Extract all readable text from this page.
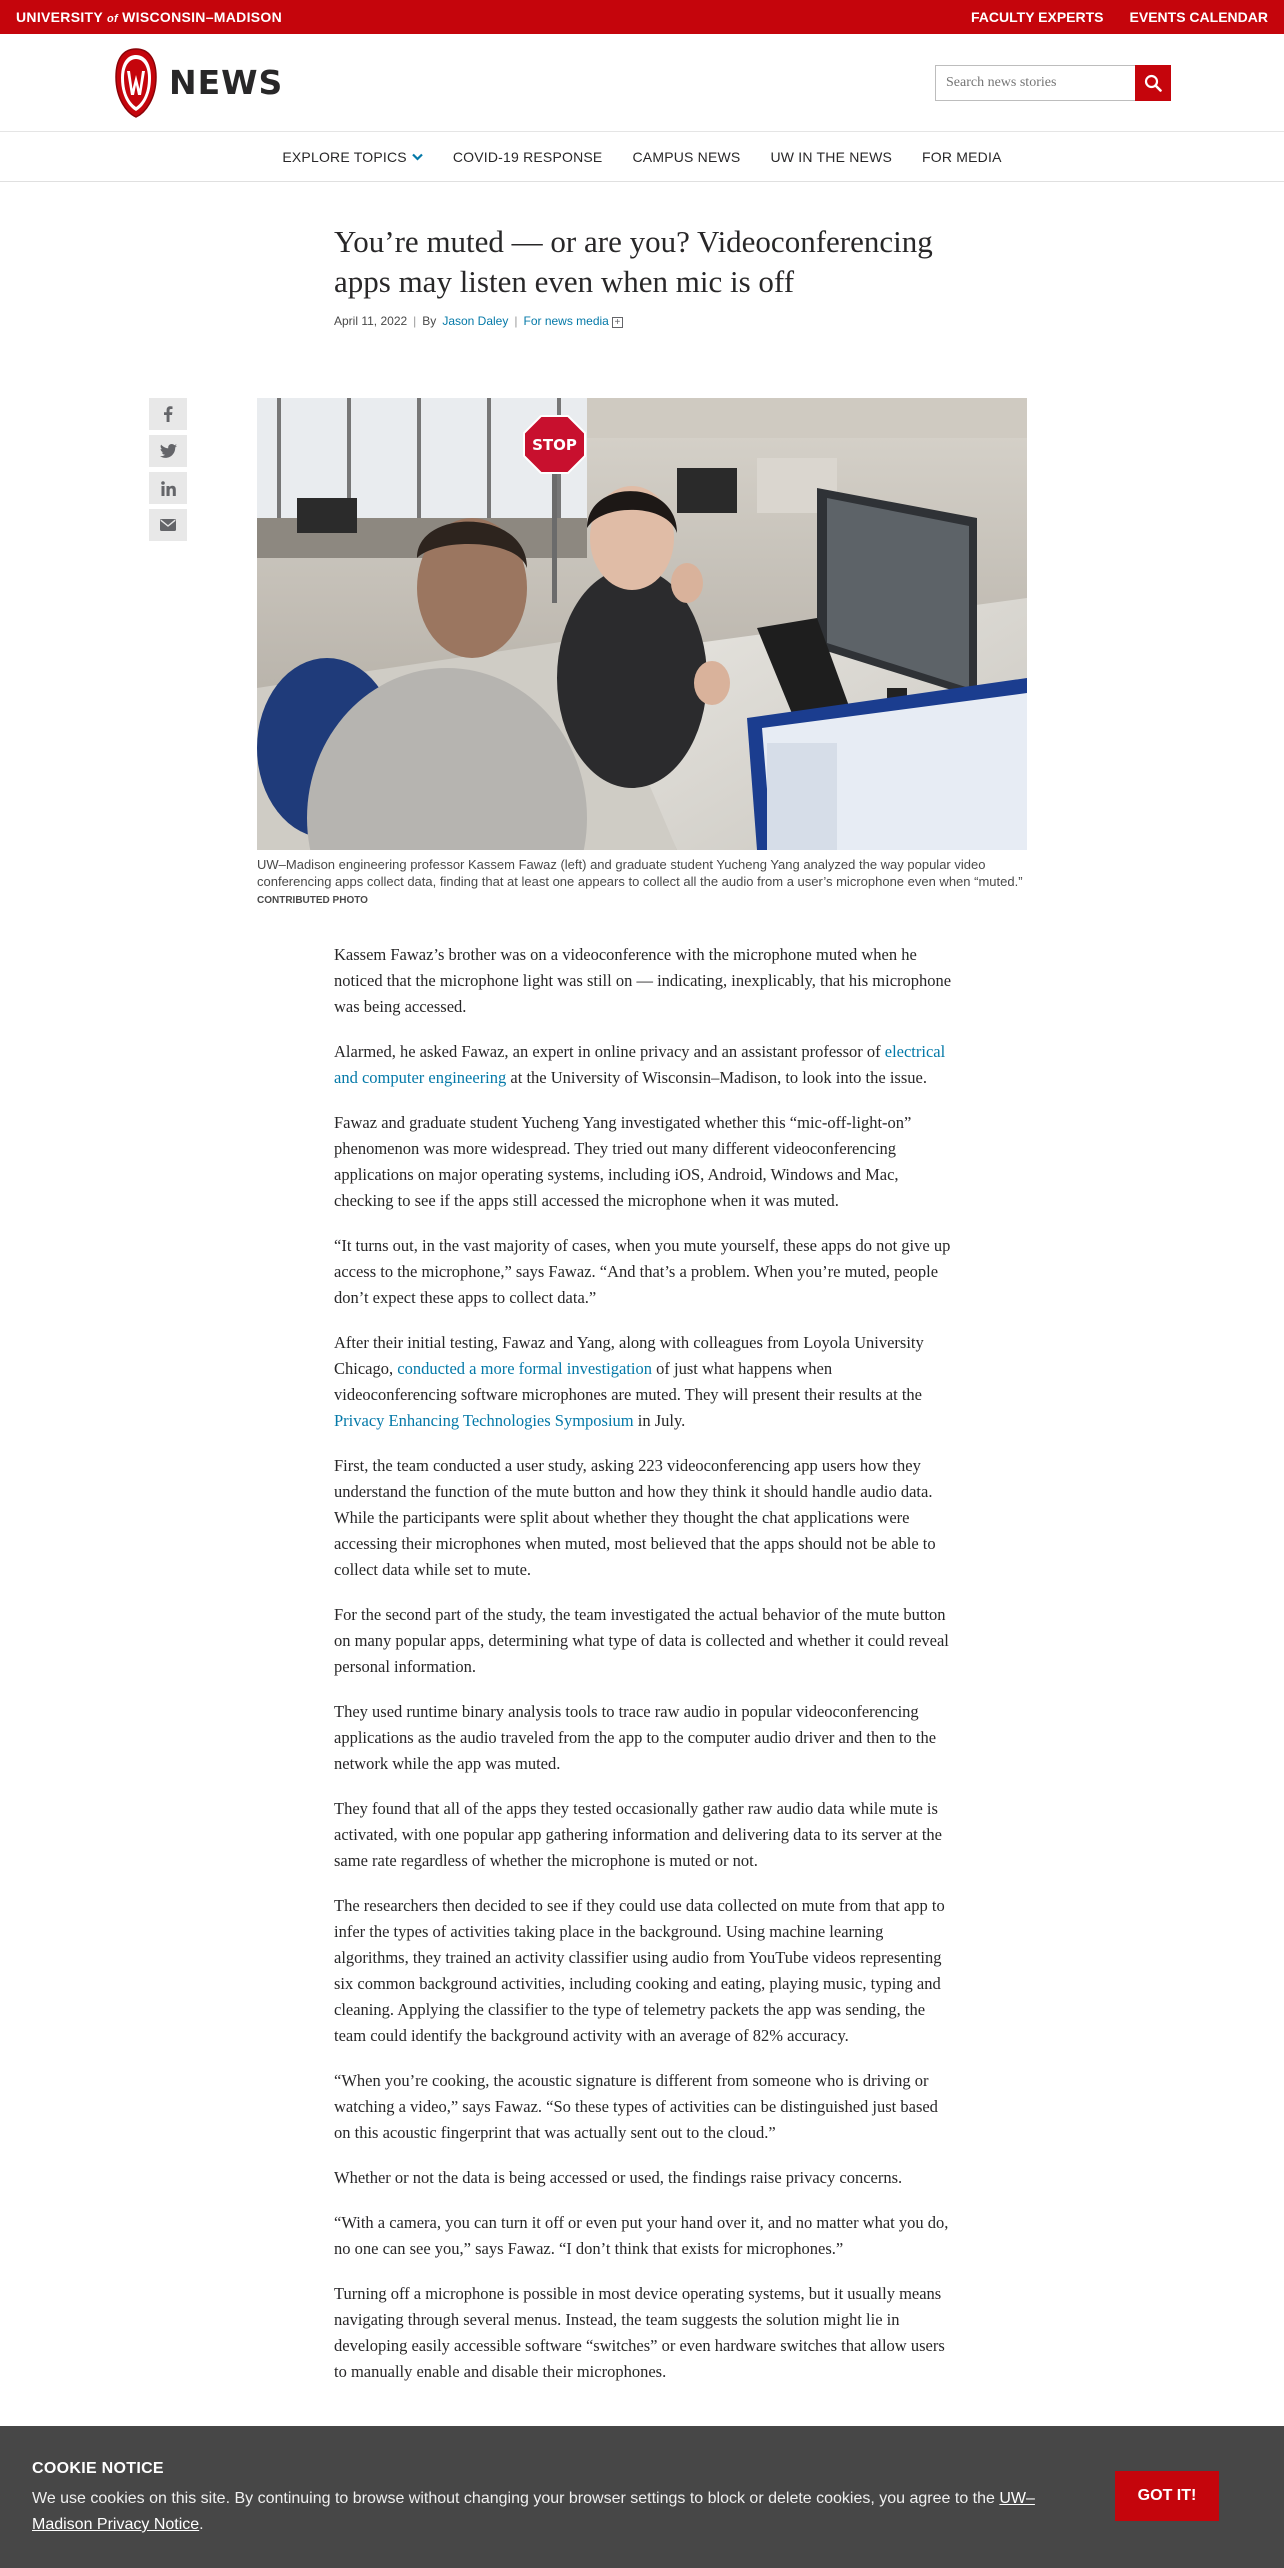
UNIVERSITY of WISCONSIN–MADISON	FACULTY EXPERTS EVENTS CALENDAR
NEWS
Search news stories
EXPLORE TOPICS	COVID-19 RESPONSE	CAMPUS NEWS	UW IN THE NEWS	FOR MEDIA
You’re muted — or are you? Videoconferencing apps may listen even when mic is off
April 11, 2022 | By Jason Daley | For news media +
STOP
UW–Madison engineering professor Kassem Fawaz (left) and graduate student Yucheng Yang analyzed the way popular video conferencing apps collect data, finding that at least one appears to collect all the audio from a user’s microphone even when “muted.” CONTRIBUTED PHOTO

Kassem Fawaz’s brother was on a videoconference with the microphone muted when he noticed that the microphone light was still on — indicating, inexplicably, that his microphone was being accessed.

Alarmed, he asked Fawaz, an expert in online privacy and an assistant professor of electrical and computer engineering at the University of Wisconsin–Madison, to look into the issue.

Fawaz and graduate student Yucheng Yang investigated whether this “mic-off-light-on” phenomenon was more widespread. They tried out many different videoconferencing applications on major operating systems, including iOS, Android, Windows and Mac, checking to see if the apps still accessed the microphone when it was muted.

“It turns out, in the vast majority of cases, when you mute yourself, these apps do not give up access to the microphone,” says Fawaz. “And that’s a problem. When you’re muted, people don’t expect these apps to collect data.”

After their initial testing, Fawaz and Yang, along with colleagues from Loyola University Chicago, conducted a more formal investigation of just what happens when videoconferencing software microphones are muted. They will present their results at the Privacy Enhancing Technologies Symposium in July.

First, the team conducted a user study, asking 223 videoconferencing app users how they understand the function of the mute button and how they think it should handle audio data. While the participants were split about whether they thought the chat applications were accessing their microphones when muted, most believed that the apps should not be able to collect data while set to mute.

For the second part of the study, the team investigated the actual behavior of the mute button on many popular apps, determining what type of data is collected and whether it could reveal personal information.

They used runtime binary analysis tools to trace raw audio in popular videoconferencing applications as the audio traveled from the app to the computer audio driver and then to the network while the app was muted.

They found that all of the apps they tested occasionally gather raw audio data while mute is activated, with one popular app gathering information and delivering data to its server at the same rate regardless of whether the microphone is muted or not.

The researchers then decided to see if they could use data collected on mute from that app to infer the types of activities taking place in the background. Using machine learning algorithms, they trained an activity classifier using audio from YouTube videos representing six common background activities, including cooking and eating, playing music, typing and cleaning. Applying the classifier to the type of telemetry packets the app was sending, the team could identify the background activity with an average of 82% accuracy.

“When you’re cooking, the acoustic signature is different from someone who is driving or watching a video,” says Fawaz. “So these types of activities can be distinguished just based on this acoustic fingerprint that was actually sent out to the cloud.”

Whether or not the data is being accessed or used, the findings raise privacy concerns.

“With a camera, you can turn it off or even put your hand over it, and no matter what you do, no one can see you,” says Fawaz. “I don’t think that exists for microphones.”

Turning off a microphone is possible in most device operating systems, but it usually means navigating through several menus. Instead, the team suggests the solution might lie in developing easily accessible software “switches” or even hardware switches that allow users to manually enable and disable their microphones.

COOKIE NOTICE
We use cookies on this site. By continuing to browse without changing your browser settings to block or delete cookies, you agree to the UW–Madison Privacy Notice.
GOT IT!
